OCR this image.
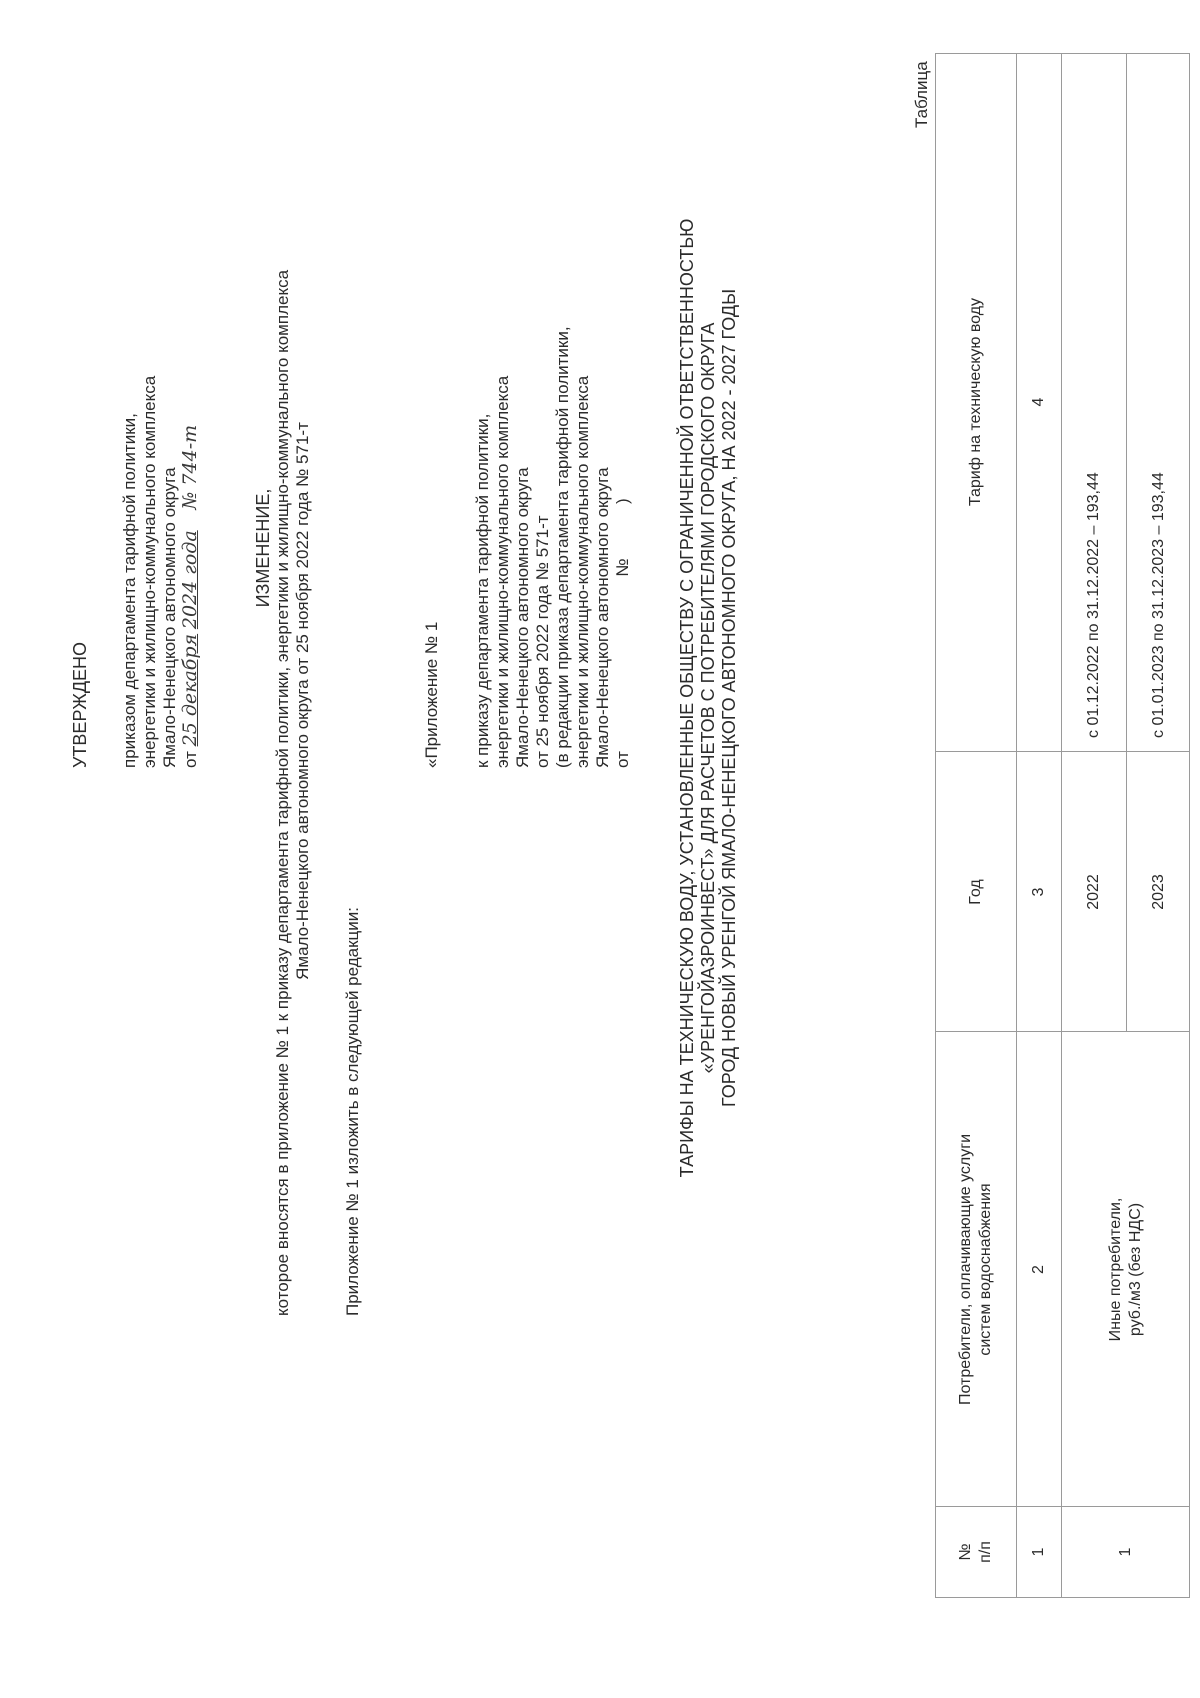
УТВЕРЖДЕНО приказом департамента тарифной политики, энергетики и жилищно-коммунального комплекса Ямало-Ненецкого автономного округа от 25 декабря 2024 года № 744-т
ИЗМЕНЕНИЕ, которое вносятся в приложение № 1 к приказу департамента тарифной политики, энергетики и жилищно-коммунального комплекса Ямало-Ненецкого автономного округа от 25 ноября 2022 года № 571-т
Приложение № 1 изложить в следующей редакции:
«Приложение № 1 к приказу департамента тарифной политики, энергетики и жилищно-коммунального комплекса Ямало-Ненецкого автономного округа от 25 ноября 2022 года № 571-т (в редакции приказа департамента тарифной политики, энергетики и жилищно-коммунального комплекса Ямало-Ненецкого автономного округа от  №  )	ТАРИФЫ НА ТЕХНИЧЕСКУЮ ВОДУ, УСТАНОВЛЕННЫЕ ОБЩЕСТВУ С ОГРАНИЧЕННОЙ ОТВЕТСТВЕННОСТЬЮ «УРЕНГОЙАЗРОИНВЕСТ» ДЛЯ РАСЧЕТОВ С ПОТРЕБИТЕЛЯМИ ГОРОДСКОГО ОКРУГА ГОРОД НОВЫЙ УРЕНГОЙ ЯМАЛО-НЕНЕЦКОГО АВТОНОМНОГО ОКРУГА, НА 2022 - 2027 ГОДЫ
Таблица
№ п/п
Потребители, оплачивающие услуги систем водоснабжения
Год
Тариф на техническую воду
1
2
3
4
1
Иные потребители, руб./м3 (без НДС)
2022
с 01.12.2022 по 31.12.2022 – 193,44
2023
с 01.01.2023 по 31.12.2023 – 193,44
